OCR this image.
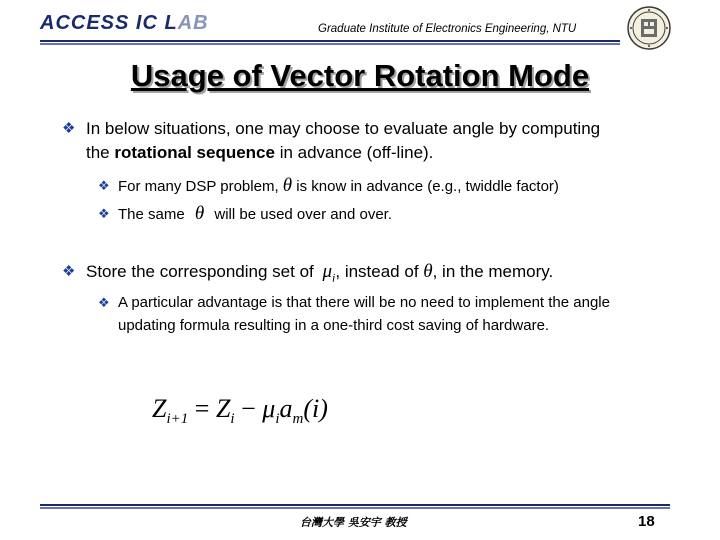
ACCESS IC LAB	Graduate Institute of Electronics Engineering, NTU
Usage of Vector Rotation Mode
❖ In below situations, one may choose to evaluate angle by computing the rotational sequence in advance (off-line).
❖ For many DSP problem, θ is know in advance (e.g., twiddle factor)
❖ The same θ will be used over and over.
❖ Store the corresponding set of $\mu_i$, instead of θ, in the memory.
❖ A particular advantage is that there will be no need to implement the angle updating formula resulting in a one-third cost saving of hardware.
$Z_{i+1} = Z_i - \mu_ia_m(i)$
台灣大學 吳安宇 教授	18
